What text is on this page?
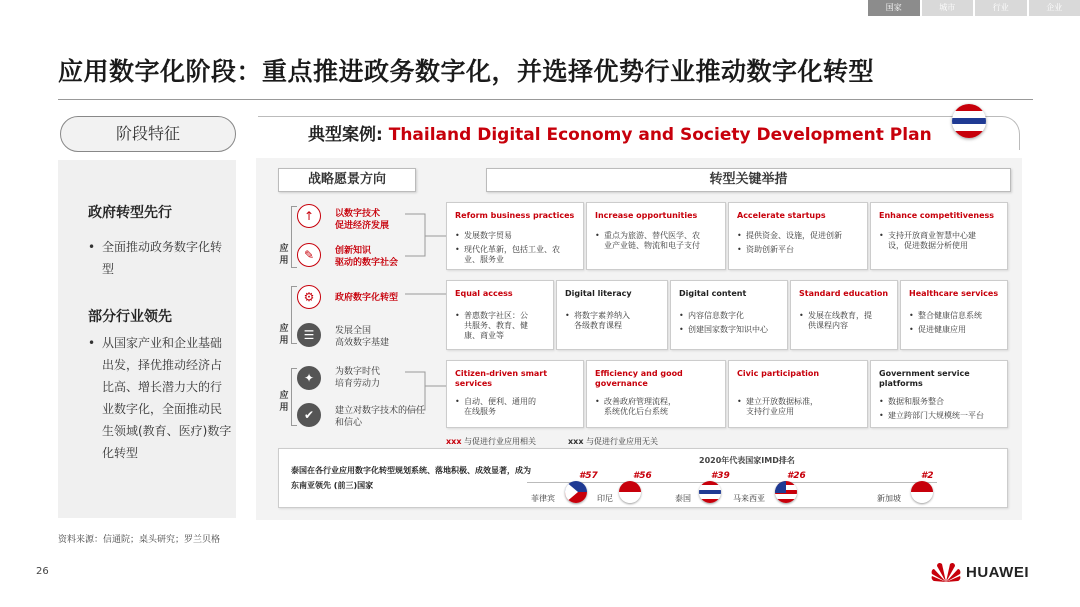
国家	城市	行业	企业
应用数字化阶段：重点推进政务数字化，并选择优势行业推动数字化转型
阶段特征
政府转型先行
• 全面推动政务数字化转型
部分行业领先
• 从国家产业和企业基础出发，择优推动经济占比高、增长潜力大的行业数字化，全面推动民生领域(教育、医疗)数字化转型
典型案例: Thailand Digital Economy and Society Development Plan
战略愿景方向	转型关键举措
应用
↑	以数字技术
促进经济发展
✎	创新知识
驱动的数字社会
应用
⚙	政府数字化转型
☰	发展全国
高效数字基建
应用
✦	为数字时代
培育劳动力
✔	建立对数字技术的信任
和信心
Reform business practices
• 发展数字贸易
• 现代化革新，包括工业、农
业、服务业
Increase opportunities
• 重点为旅游、替代医学、农
业产业链、物流和电子支付
Accelerate startups
• 提供资金、设施，促进创新
• 资助创新平台
Enhance competitiveness
• 支持开放商业智慧中心建
设，促进数据分析使用
Equal access
• 普惠数字社区：公
共服务、教育、健
康、商业等
Digital literacy
• 将数字素养纳入
各级教育课程
Digital content
• 内容信息数字化
• 创建国家数字知识中心
Standard education
• 发展在线教育，提
供课程内容
Healthcare services
• 整合健康信息系统
• 促进健康应用
Citizen-driven smart
services
• 自动、便利、通用的
在线服务
Efficiency and good
governance
• 改善政府管理流程，
系统优化后台系统
Civic participation
• 建立开放数据标准，
支持行业应用
Government service
platforms
• 数据和服务整合
• 建立跨部门大规模统一平台
xxx 与促进行业应用相关	xxx 与促进行业应用无关
泰国在各行业应用数字化转型规划系统、落地积极、成效显著，成为东南亚领先 (前三)国家
2020年代表国家IMD排名
#57
菲律宾
#56
印尼
#39
泰国
#26
马来西亚
#2
新加坡
资料来源：信通院；桌头研究；罗兰贝格
26	HUAWEI
